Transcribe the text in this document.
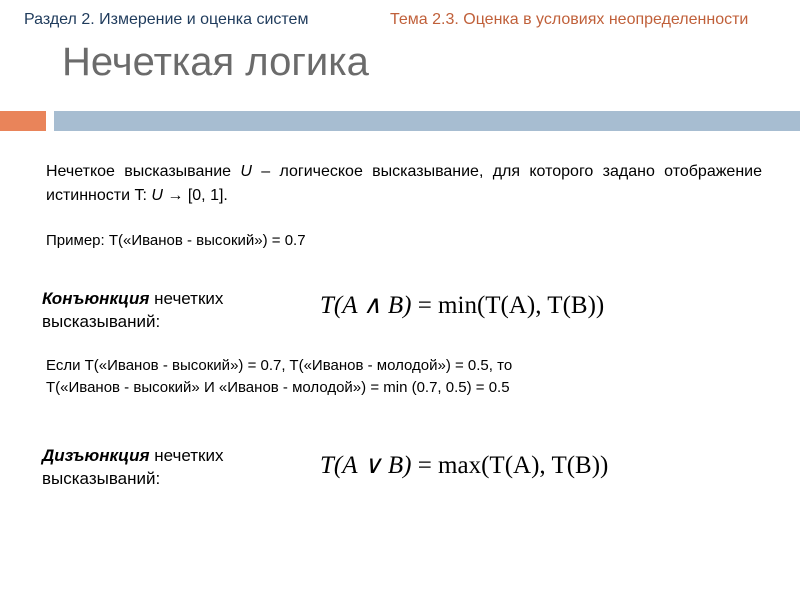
Раздел 2. Измерение и оценка систем	Тема 2.3. Оценка в условиях неопределенности
Нечеткая логика
Нечеткое высказывание U – логическое высказывание, для которого задано отображение истинности T: U → [0, 1].
Пример: T(«Иванов - высокий») = 0.7
Конъюнкция нечетких высказываний:
T(A ∧ B) = min(T(A), T(B))
Если T(«Иванов - высокий») = 0.7, T(«Иванов - молодой») = 0.5, то
T(«Иванов - высокий» И «Иванов - молодой») = min (0.7, 0.5) = 0.5
Дизъюнкция нечетких высказываний:	T(A ∨ B) = max(T(A), T(B))
